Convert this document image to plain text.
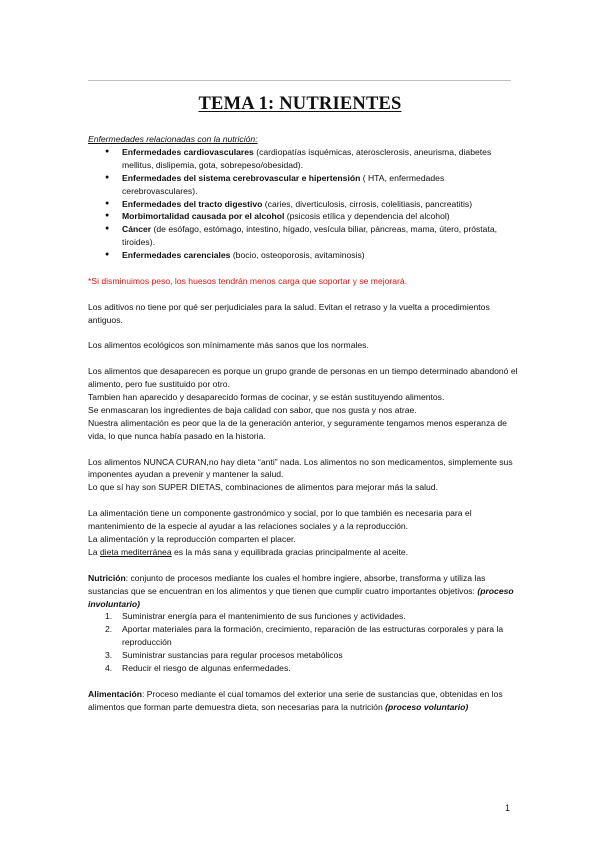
TEMA 1: NUTRIENTES

Enfermedades relacionadas con la nutrición:

● Enfermedades cardiovasculares (cardiopatías isquémicas, aterosclerosis, aneurisma, diabetes mellitus, dislipemia, gota, sobrepeso/obesidad).
● Enfermedades del sistema cerebrovascular e hipertensión ( HTA, enfermedades cerebrovasculares).
● Enfermedades del tracto digestivo (caries, diverticulosis, cirrosis, colelitiasis, pancreatitis)
● Morbimortalidad causada por el alcohol (psicosis etílica y dependencia del alcohol)
● Cáncer (de esófago, estómago, intestino, hígado, vesícula biliar, páncreas, mama, útero, próstata, tiroides).
● Enfermedades carenciales (bocio, osteoporosis, avitaminosis)

*Si disminuimos peso, los huesos tendrán menos carga que soportar y se mejorará.

Los aditivos no tiene por qué ser perjudiciales para la salud. Evitan el retraso y la vuelta a procedimientos antiguos.

Los alimentos ecológicos son mínimamente más sanos que los normales.

Los alimentos que desaparecen es porque un grupo grande de personas en un tiempo determinado abandonó el alimento, pero fue sustituido por otro.

Tambien han aparecido y desaparecido formas de cocinar, y se están sustituyendo alimentos.

Se enmascaran los ingredientes de baja calidad con sabor, que nos gusta y nos atrae.

Nuestra alimentación es peor que la de la generación anterior, y seguramente tengamos menos esperanza de vida, lo que nunca había pasado en la historia.

Los alimentos NUNCA CURAN,no hay dieta “anti” nada. Los alimentos no son medicamentos, simplemente sus imponentes ayudan a prevenir y mantener la salud.

Lo que sí hay son SUPER DIETAS, combinaciones de alimentos para mejorar más la salud.

La alimentación tiene un componente gastronómico y social, por lo que también es necesaria para el mantenimiento de la especie al ayudar a las relaciones sociales y a la reproducción.

La alimentación y la reproducción comparten el placer.

La dieta mediterránea es la más sana y equilibrada gracias principalmente al aceite.

Nutrición: conjunto de procesos mediante los cuales el hombre ingiere, absorbe, transforma y utiliza las sustancias que se encuentran en los alimentos y que tienen que cumplir cuatro importantes objetivos: (proceso involuntario)

1. Suministrar energía para el mantenimiento de sus funciones y actividades.
2. Aportar materiales para la formación, crecimiento, reparación de las estructuras corporales y para la reproducción
3. Suministrar sustancias para regular procesos metabólicos
4. Reducir el riesgo de algunas enfermedades.

Alimentación: Proceso mediante el cual tomamos del exterior una serie de sustancias que, obtenidas en los alimentos que forman parte demuestra dieta, son necesarias para la nutrición (proceso voluntario)

1
